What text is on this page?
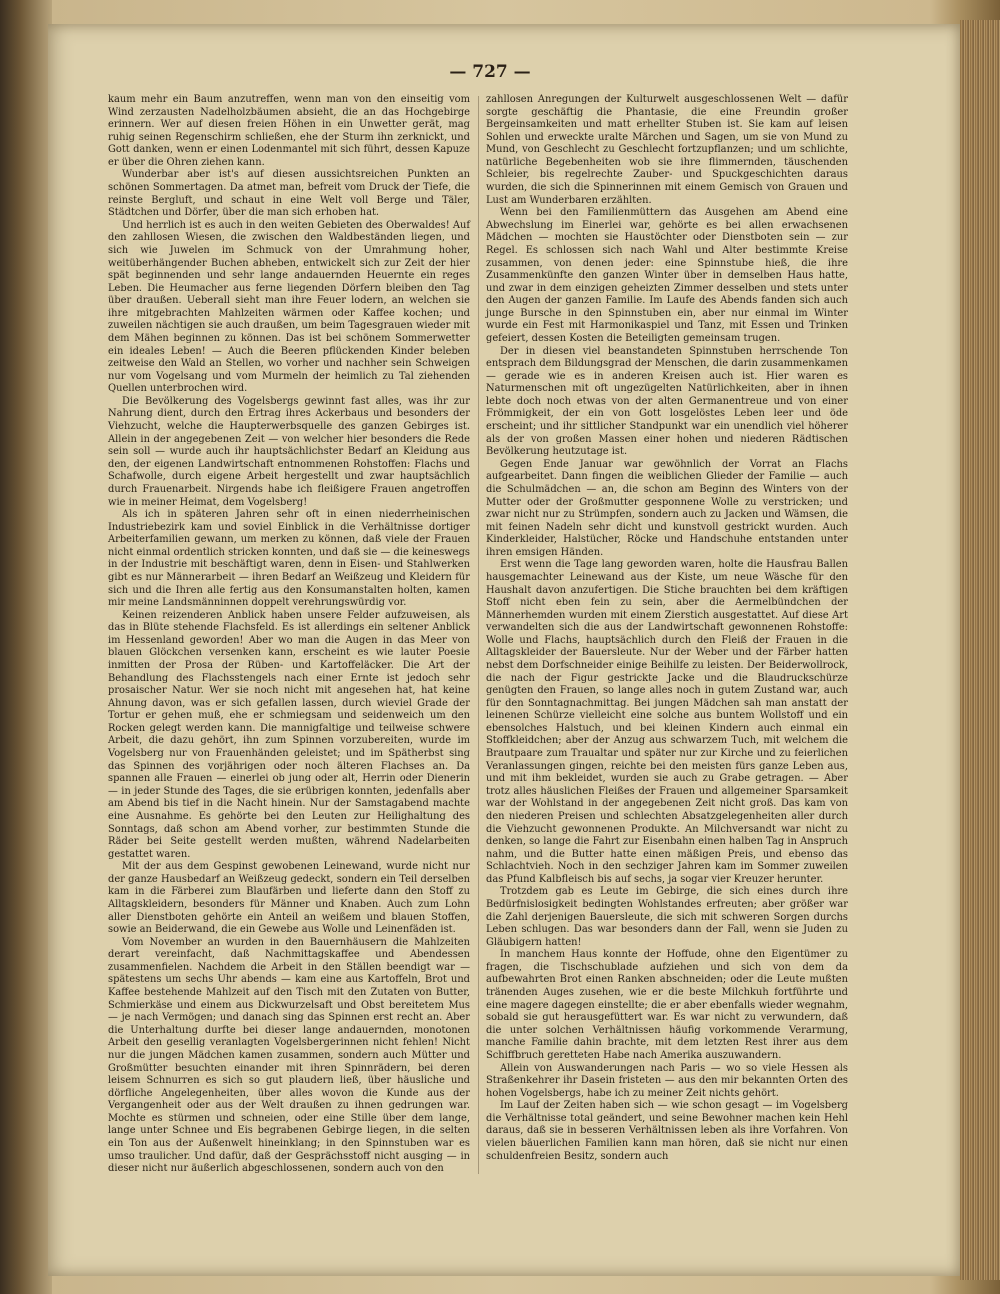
— 727 —

kaum mehr ein Baum anzutreffen, wenn man von den einseitig vom Wind zerzausten Nadelholzbäumen absieht, die an das Hochgebirge erinnern. Wer auf diesen freien Höhen in ein Unwetter gerät, mag ruhig seinen Regenschirm schließen, ehe der Sturm ihn zerknickt, und Gott danken, wenn er einen Lodenmantel mit sich führt, dessen Kapuze er über die Ohren ziehen kann.

Wunderbar aber ist's auf diesen aussichtsreichen Punkten an schönen Sommertagen. Da atmet man, befreit vom Druck der Tiefe, die reinste Bergluft, und schaut in eine Welt voll Berge und Täler, Städtchen und Dörfer, über die man sich erhoben hat.

Und herrlich ist es auch in den weiten Gebieten des Oberwaldes! Auf den zahllosen Wiesen, die zwischen den Waldbeständen liegen, und sich wie Juwelen im Schmuck von der Umrahmung hoher, weitüberhängender Buchen abheben, entwickelt sich zur Zeit der hier spät beginnenden und sehr lange andauernden Heuernte ein reges Leben. Die Heumacher aus ferne liegenden Dörfern bleiben den Tag über draußen. Ueberall sieht man ihre Feuer lodern, an welchen sie ihre mitgebrachten Mahlzeiten wärmen oder Kaffee kochen; und zuweilen nächtigen sie auch draußen, um beim Tagesgrauen wieder mit dem Mähen beginnen zu können. Das ist bei schönem Sommerwetter ein ideales Leben! — Auch die Beeren pflückenden Kinder beleben zeitweise den Wald an Stellen, wo vorher und nachher sein Schweigen nur vom Vogelsang und vom Murmeln der heimlich zu Tal ziehenden Quellen unterbrochen wird.

Die Bevölkerung des Vogelsbergs gewinnt fast alles, was ihr zur Nahrung dient, durch den Ertrag ihres Ackerbaus und besonders der Viehzucht, welche die Haupterwerbsquelle des ganzen Gebirges ist. Allein in der angegebenen Zeit — von welcher hier besonders die Rede sein soll — wurde auch ihr hauptsächlichster Bedarf an Kleidung aus den, der eigenen Landwirtschaft entnommenen Rohstoffen: Flachs und Schafwolle, durch eigene Arbeit hergestellt und zwar hauptsächlich durch Frauenarbeit. Nirgends habe ich fleißigere Frauen angetroffen wie in meiner Heimat, dem Vogelsberg!

Als ich in späteren Jahren sehr oft in einen niederrheinischen Industriebezirk kam und soviel Einblick in die Verhältnisse dortiger Arbeiterfamilien gewann, um merken zu können, daß viele der Frauen nicht einmal ordentlich stricken konnten, und daß sie — die keineswegs in der Industrie mit beschäftigt waren, denn in Eisen- und Stahlwerken gibt es nur Männerarbeit — ihren Bedarf an Weißzeug und Kleidern für sich und die Ihren alle fertig aus den Konsumanstalten holten, kamen mir meine Landsmänninnen doppelt verehrungswürdig vor.

Keinen reizenderen Anblick haben unsere Felder aufzuweisen, als das in Blüte stehende Flachsfeld. Es ist allerdings ein seltener Anblick im Hessenland geworden! Aber wo man die Augen in das Meer von blauen Glöckchen versenken kann, erscheint es wie lauter Poesie inmitten der Prosa der Rüben- und Kartoffeläcker. Die Art der Behandlung des Flachsstengels nach einer Ernte ist jedoch sehr prosaischer Natur. Wer sie noch nicht mit angesehen hat, hat keine Ahnung davon, was er sich gefallen lassen, durch wieviel Grade der Tortur er gehen muß, ehe er schmiegsam und seidenweich um den Rocken gelegt werden kann. Die mannigfaltige und teilweise schwere Arbeit, die dazu gehört, ihn zum Spinnen vorzubereiten, wurde im Vogelsberg nur von Frauenhänden geleistet; und im Spätherbst sing das Spinnen des vorjährigen oder noch älteren Flachses an. Da spannen alle Frauen — einerlei ob jung oder alt, Herrin oder Dienerin — in jeder Stunde des Tages, die sie erübrigen konnten, jedenfalls aber am Abend bis tief in die Nacht hinein. Nur der Samstagabend machte eine Ausnahme. Es gehörte bei den Leuten zur Heilighaltung des Sonntags, daß schon am Abend vorher, zur bestimmten Stunde die Räder bei Seite gestellt werden mußten, während Nadelarbeiten gestattet waren.

Mit der aus dem Gespinst gewobenen Leinewand, wurde nicht nur der ganze Hausbedarf an Weißzeug gedeckt, sondern ein Teil derselben kam in die Färberei zum Blaufärben und lieferte dann den Stoff zu Alltagskleidern, besonders für Männer und Knaben. Auch zum Lohn aller Dienstboten gehörte ein Anteil an weißem und blauen Stoffen, sowie an Beiderwand, die ein Gewebe aus Wolle und Leinenfäden ist.

Vom November an wurden in den Bauernhäusern die Mahlzeiten derart vereinfacht, daß Nachmittagskaffee und Abendessen zusammenfielen. Nachdem die Arbeit in den Ställen beendigt war — spätestens um sechs Uhr abends — kam eine aus Kartoffeln, Brot und Kaffee bestehende Mahlzeit auf den Tisch mit den Zutaten von Butter, Schmierkäse und einem aus Dickwurzelsaft und Obst bereitetem Mus — je nach Vermögen; und danach sing das Spinnen erst recht an. Aber die Unterhaltung durfte bei dieser lange andauernden, monotonen Arbeit den gesellig veranlagten Vogelsbergerinnen nicht fehlen! Nicht nur die jungen Mädchen kamen zusammen, sondern auch Mütter und Großmütter besuchten einander mit ihren Spinnrädern, bei deren leisem Schnurren es sich so gut plaudern ließ, über häusliche und dörfliche Angelegenheiten, über alles wovon die Kunde aus der Vergangenheit oder aus der Welt draußen zu ihnen gedrungen war. Mochte es stürmen und schneien, oder eine Stille über dem lange, lange unter Schnee und Eis begrabenen Gebirge liegen, in die selten ein Ton aus der Außenwelt hineinklang; in den Spinnstuben war es umso traulicher. Und dafür, daß der Gesprächsstoff nicht ausging — in dieser nicht nur äußerlich abgeschlossenen, sondern auch von den

zahllosen Anregungen der Kulturwelt ausgeschlossenen Welt — dafür sorgte geschäftig die Phantasie, die eine Freundin großer Bergeinsamkeiten und matt erhellter Stuben ist. Sie kam auf leisen Sohlen und erweckte uralte Märchen und Sagen, um sie von Mund zu Mund, von Geschlecht zu Geschlecht fortzupflanzen; und um schlichte, natürliche Begebenheiten wob sie ihre flimmernden, täuschenden Schleier, bis regelrechte Zauber- und Spuckgeschichten daraus wurden, die sich die Spinnerinnen mit einem Gemisch von Grauen und Lust am Wunderbaren erzählten.

Wenn bei den Familienmüttern das Ausgehen am Abend eine Abwechslung im Einerlei war, gehörte es bei allen erwachsenen Mädchen — mochten sie Haustöchter oder Dienstboten sein — zur Regel. Es schlossen sich nach Wahl und Alter bestimmte Kreise zusammen, von denen jeder: eine Spinnstube hieß, die ihre Zusammenkünfte den ganzen Winter über in demselben Haus hatte, und zwar in dem einzigen geheizten Zimmer desselben und stets unter den Augen der ganzen Familie. Im Laufe des Abends fanden sich auch junge Bursche in den Spinnstuben ein, aber nur einmal im Winter wurde ein Fest mit Harmonikaspiel und Tanz, mit Essen und Trinken gefeiert, dessen Kosten die Beteiligten gemeinsam trugen.

Der in diesen viel beanstandeten Spinnstuben herrschende Ton entsprach dem Bildungsgrad der Menschen, die darin zusammenkamen — gerade wie es in anderen Kreisen auch ist. Hier waren es Naturmenschen mit oft ungezügelten Natürlichkeiten, aber in ihnen lebte doch noch etwas von der alten Germanentreue und von einer Frömmigkeit, der ein von Gott losgelöstes Leben leer und öde erscheint; und ihr sittlicher Standpunkt war ein unendlich viel höherer als der von großen Massen einer hohen und niederen Rädtischen Bevölkerung heutzutage ist.

Gegen Ende Januar war gewöhnlich der Vorrat an Flachs aufgearbeitet. Dann fingen die weiblichen Glieder der Familie — auch die Schulmädchen — an, die schon am Beginn des Winters von der Mutter oder der Großmutter gesponnene Wolle zu verstricken; und zwar nicht nur zu Strümpfen, sondern auch zu Jacken und Wämsen, die mit feinen Nadeln sehr dicht und kunstvoll gestrickt wurden. Auch Kinderkleider, Halstücher, Röcke und Handschuhe entstanden unter ihren emsigen Händen.

Erst wenn die Tage lang geworden waren, holte die Hausfrau Ballen hausgemachter Leinewand aus der Kiste, um neue Wäsche für den Haushalt davon anzufertigen. Die Stiche brauchten bei dem kräftigen Stoff nicht eben fein zu sein, aber die Aermelbündchen der Männerhemden wurden mit einem Zierstich ausgestattet. Auf diese Art verwandelten sich die aus der Landwirtschaft gewonnenen Rohstoffe: Wolle und Flachs, hauptsächlich durch den Fleiß der Frauen in die Alltagskleider der Bauersleute. Nur der Weber und der Färber hatten nebst dem Dorfschneider einige Beihilfe zu leisten. Der Beiderwollrock, die nach der Figur gestrickte Jacke und die Blaudruckschürze genügten den Frauen, so lange alles noch in gutem Zustand war, auch für den Sonntagnachmittag. Bei jungen Mädchen sah man anstatt der leinenen Schürze vielleicht eine solche aus buntem Wollstoff und ein ebensolches Halstuch, und bei kleinen Kindern auch einmal ein Stoffkleidchen; aber der Anzug aus schwarzem Tuch, mit welchem die Brautpaare zum Traualtar und später nur zur Kirche und zu feierlichen Veranlassungen gingen, reichte bei den meisten fürs ganze Leben aus, und mit ihm bekleidet, wurden sie auch zu Grabe getragen. — Aber trotz alles häuslichen Fleißes der Frauen und allgemeiner Sparsamkeit war der Wohlstand in der angegebenen Zeit nicht groß. Das kam von den niederen Preisen und schlechten Absatzgelegenheiten aller durch die Viehzucht gewonnenen Produkte. An Milchversandt war nicht zu denken, so lange die Fahrt zur Eisenbahn einen halben Tag in Anspruch nahm, und die Butter hatte einen mäßigen Preis, und ebenso das Schlachtvieh. Noch in den sechziger Jahren kam im Sommer zuweilen das Pfund Kalbfleisch bis auf sechs, ja sogar vier Kreuzer herunter.

Trotzdem gab es Leute im Gebirge, die sich eines durch ihre Bedürfnislosigkeit bedingten Wohlstandes erfreuten; aber größer war die Zahl derjenigen Bauersleute, die sich mit schweren Sorgen durchs Leben schlugen. Das war besonders dann der Fall, wenn sie Juden zu Gläubigern hatten!

In manchem Haus konnte der Hoffude, ohne den Eigentümer zu fragen, die Tischschublade aufziehen und sich von dem da aufbewahrten Brot einen Ranken abschneiden; oder die Leute mußten tränenden Auges zusehen, wie er die beste Milchkuh fortführte und eine magere dagegen einstellte; die er aber ebenfalls wieder wegnahm, sobald sie gut herausgefüttert war. Es war nicht zu verwundern, daß die unter solchen Verhältnissen häufig vorkommende Verarmung, manche Familie dahin brachte, mit dem letzten Rest ihrer aus dem Schiffbruch geretteten Habe nach Amerika auszuwandern.

Allein von Auswanderungen nach Paris — wo so viele Hessen als Straßenkehrer ihr Dasein fristeten — aus den mir bekannten Orten des hohen Vogelsbergs, habe ich zu meiner Zeit nichts gehört.

Im Lauf der Zeiten haben sich — wie schon gesagt — im Vogelsberg die Verhältnisse total geändert, und seine Bewohner machen kein Hehl daraus, daß sie in besseren Verhältnissen leben als ihre Vorfahren. Von vielen bäuerlichen Familien kann man hören, daß sie nicht nur einen schuldenfreien Besitz, sondern auch
